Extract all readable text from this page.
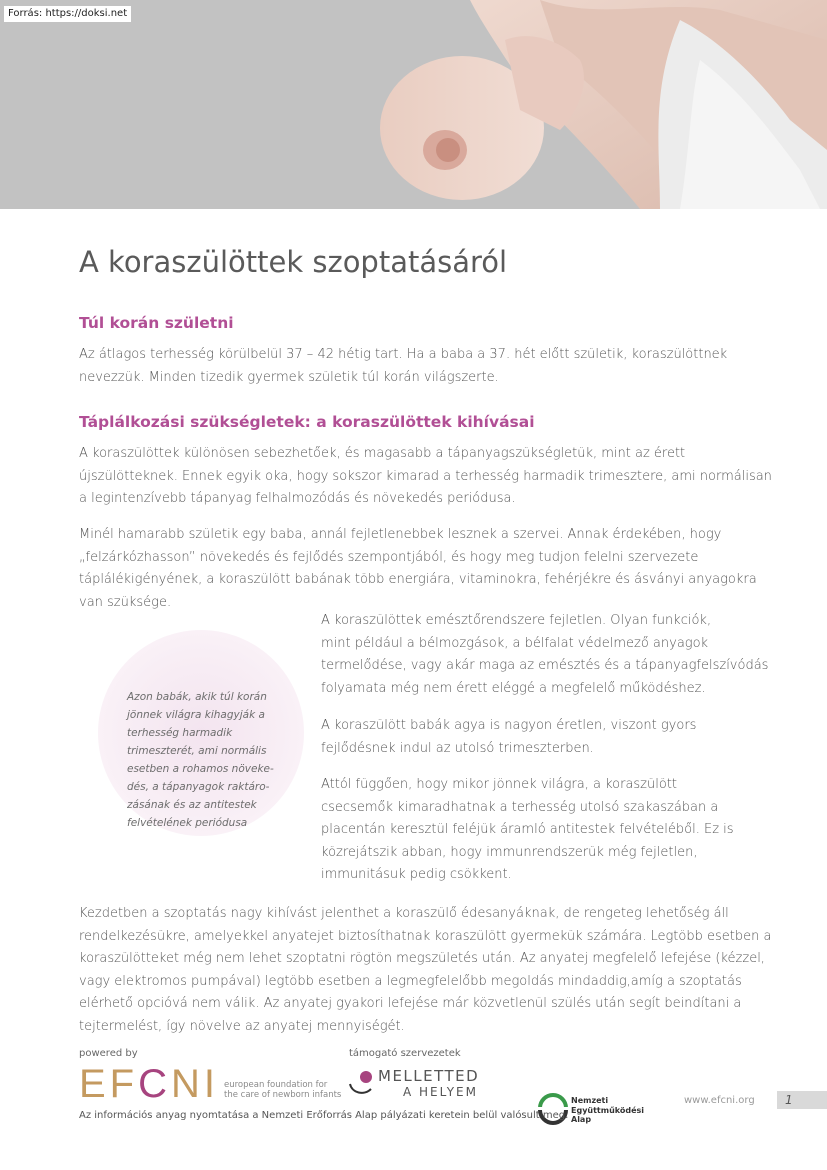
Forrás: https://doksi.net
A koraszülöttek szoptatásáról
Túl korán születni

Az átlagos terhesség körülbelül 37 – 42 hétig tart. Ha a baba a 37. hét előtt születik, koraszülöttnek
nevezzük. Minden tizedik gyermek születik túl korán világszerte.

Táplálkozási szükségletek: a koraszülöttek kihívásai

A koraszülöttek különösen sebezhetőek, és magasabb a tápanyagszükségletük, mint az érett
újszülötteknek. Ennek egyik oka, hogy sokszor kimarad a terhesség harmadik trimesztere, ami normálisan
a legintenzívebb tápanyag felhalmozódás és növekedés periódusa.

Minél hamarabb születik egy baba, annál fejletlenebbek lesznek a szervei. Annak érdekében, hogy
„felzárkózhasson” növekedés és fejlődés szempontjából, és hogy meg tudjon felelni szervezete
táplálékigényének, a koraszülött babának több energiára, vitaminokra, fehérjékre és ásványi anyagokra
van szüksége.

Azon babák, akik túl korán
jönnek világra kihagyják a
terhesség harmadik
trimeszterét, ami normális
esetben a rohamos növeke-
dés, a tápanyagok raktáro-
zásának és az antitestek
felvételének periódusa

A koraszülöttek emésztőrendszere fejletlen. Olyan funkciók,
mint például a bélmozgások, a bélfalat védelmező anyagok
termelődése, vagy akár maga az emésztés és a tápanyagfelszívódás
folyamata még nem érett eléggé a megfelelő működéshez.

A koraszülött babák agya is nagyon éretlen, viszont gyors
fejlődésnek indul az utolsó trimeszterben.

Attól függően, hogy mikor jönnek világra, a koraszülött
csecsemők kimaradhatnak a terhesség utolsó szakaszában a
placentán keresztül feléjük áramló antitestek felvételéből. Ez is
közrejátszik abban, hogy immunrendszerük még fejletlen,
immunitásuk pedig csökkent.

Kezdetben a szoptatás nagy kihívást jelenthet a koraszülő édesanyáknak, de rengeteg lehetőség áll
rendelkezésükre, amelyekkel anyatejet biztosíthatnak koraszülött gyermekük számára. Legtöbb esetben a
koraszülötteket még nem lehet szoptatni rögtön megszületés után. Az anyatej megfelelő lefejése (kézzel,
vagy elektromos pumpával) legtöbb esetben a legmegfelelőbb megoldás mindaddig,amíg a szoptatás
elérhető opcióvá nem válik. Az anyatej gyakori lefejése már közvetlenül szülés után segít beindítani a
tejtermelést, így növelve az anyatej mennyiségét.

powered by
EFCNI european foundation for
the care of newborn infants
támogató szervezetek
MELLETTED
A HELYEM
Nemzeti
Együttműködési
Alap
www.efcni.org	1
Az információs anyag nyomtatása a Nemzeti Erőforrás Alap pályázati keretein belül valósult meg.
